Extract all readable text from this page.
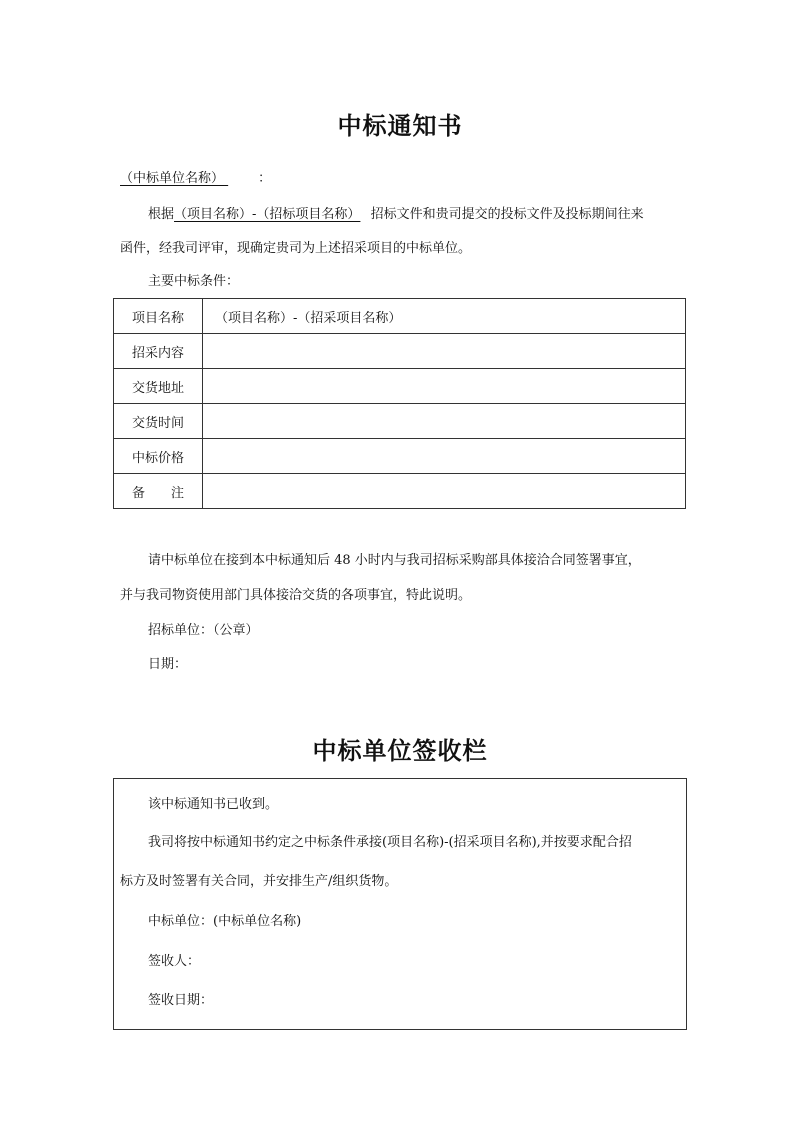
中标通知书
（中标单位名称）	：
根据（项目名称）-（招标项目名称） 招标文件和贵司提交的投标文件及投标期间往来
函件，经我司评审，现确定贵司为上述招采项目的中标单位。
主要中标条件：
项目名称	（项目名称）-（招采项目名称）
招采内容	
交货地址	
交货时间	
中标价格	
备　　注	
请中标单位在接到本中标通知后 48 小时内与我司招标采购部具体接洽合同签署事宜，
并与我司物资使用部门具体接洽交货的各项事宜，特此说明。
招标单位：（公章）
日期：
中标单位签收栏
该中标通知书已收到。
我司将按中标通知书约定之中标条件承接(项目名称)-(招采项目名称),并按要求配合招
标方及时签署有关合同，并安排生产/组织货物。
中标单位：(中标单位名称)
签收人：
签收日期：
